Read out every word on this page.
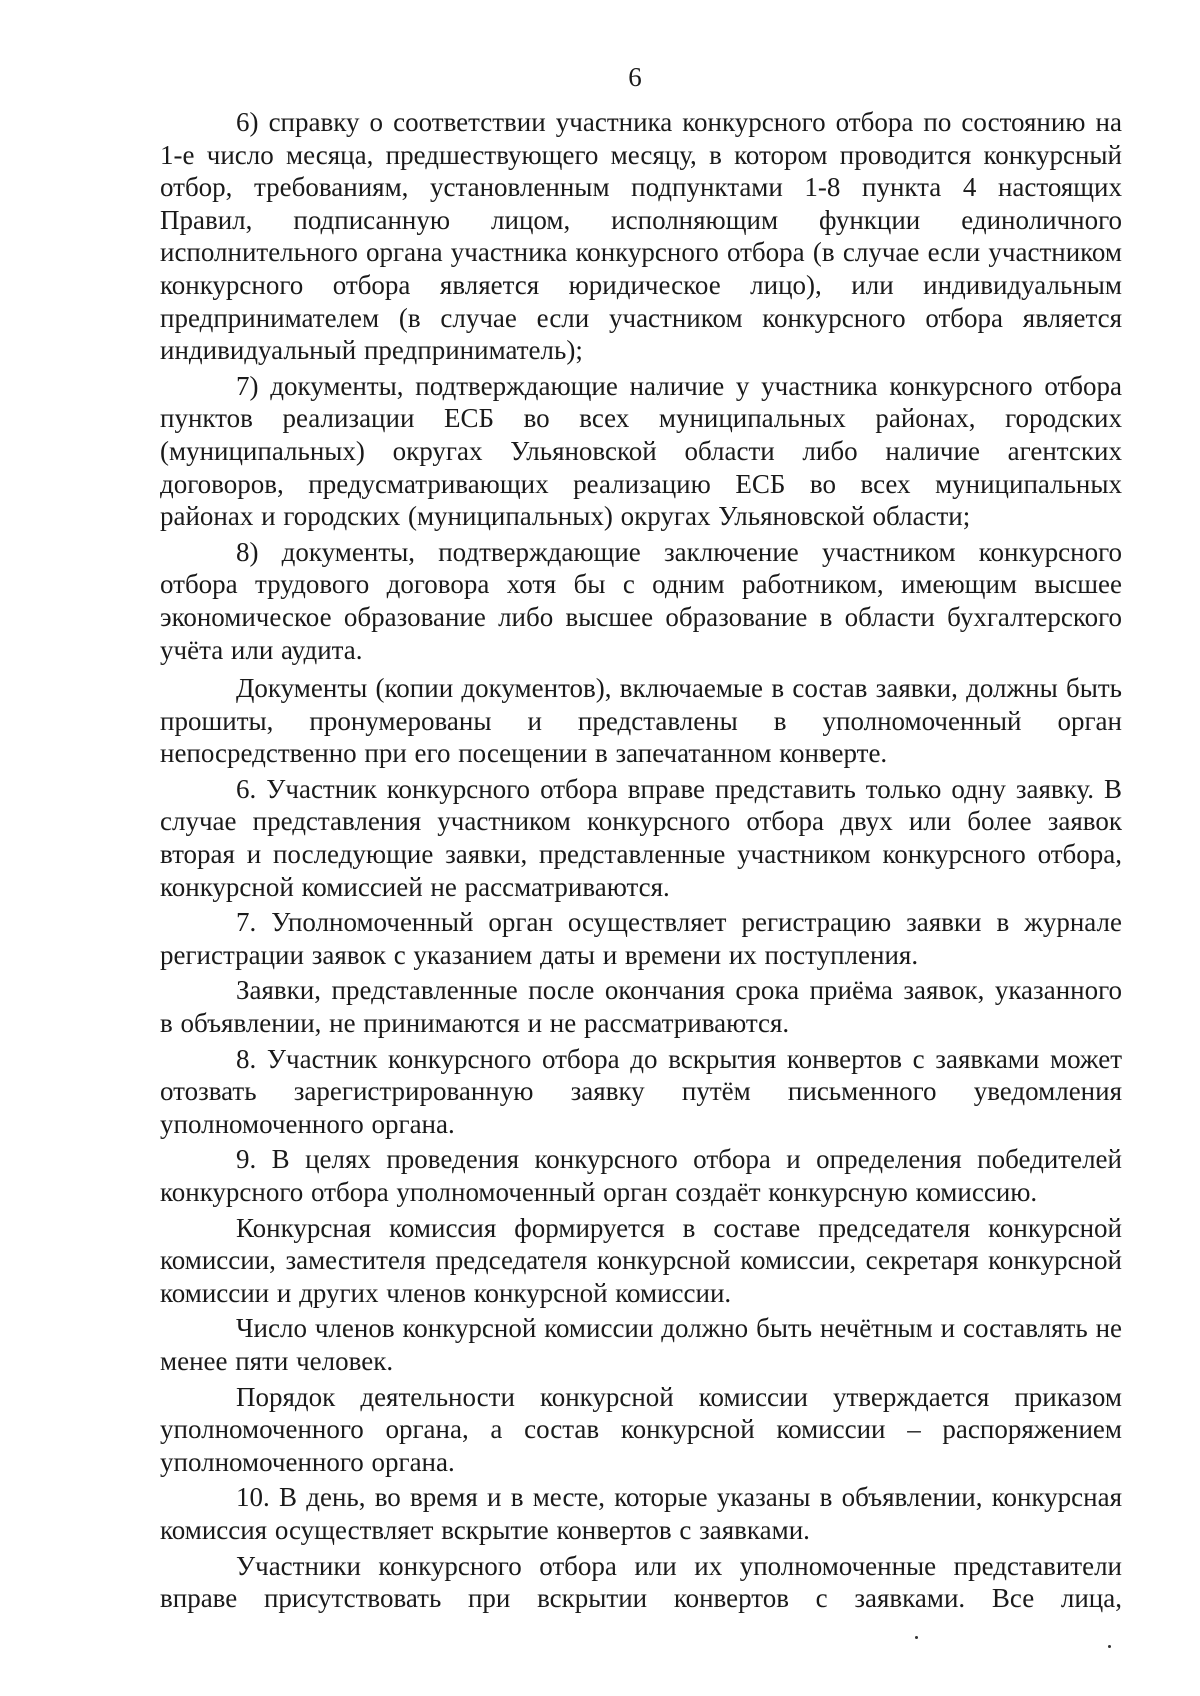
6

6) справку о соответствии участника конкурсного отбора по состоянию на 1-е число месяца, предшествующего месяцу, в котором проводится конкурсный отбор, требованиям, установленным подпунктами 1-8 пункта 4 настоящих Правил, подписанную лицом, исполняющим функции единоличного исполнительного органа участника конкурсного отбора (в случае если участником конкурсного отбора является юридическое лицо), или индивидуальным предпринимателем (в случае если участником конкурсного отбора является индивидуальный предприниматель);

7) документы, подтверждающие наличие у участника конкурсного отбора пунктов реализации ЕСБ во всех муниципальных районах, городских (муниципальных) округах Ульяновской области либо наличие агентских договоров, предусматривающих реализацию ЕСБ во всех муниципальных районах и городских (муниципальных) округах Ульяновской области;

8) документы, подтверждающие заключение участником конкурсного отбора трудового договора хотя бы с одним работником, имеющим высшее экономическое образование либо высшее образование в области бухгалтерского учёта или аудита.

Документы (копии документов), включаемые в состав заявки, должны быть прошиты, пронумерованы и представлены в уполномоченный орган непосредственно при его посещении в запечатанном конверте.

6. Участник конкурсного отбора вправе представить только одну заявку. В случае представления участником конкурсного отбора двух или более заявок вторая и последующие заявки, представленные участником конкурсного отбора, конкурсной комиссией не рассматриваются.

7. Уполномоченный орган осуществляет регистрацию заявки в журнале регистрации заявок с указанием даты и времени их поступления.

Заявки, представленные после окончания срока приёма заявок, указанного в объявлении, не принимаются и не рассматриваются.

8. Участник конкурсного отбора до вскрытия конвертов с заявками может отозвать зарегистрированную заявку путём письменного уведомления уполномоченного органа.

9. В целях проведения конкурсного отбора и определения победителей конкурсного отбора уполномоченный орган создаёт конкурсную комиссию.

Конкурсная комиссия формируется в составе председателя конкурсной комиссии, заместителя председателя конкурсной комиссии, секретаря конкурсной комиссии и других членов конкурсной комиссии.

Число членов конкурсной комиссии должно быть нечётным и составлять не менее пяти человек.

Порядок деятельности конкурсной комиссии утверждается приказом уполномоченного органа, а состав конкурсной комиссии – распоряжением уполномоченного органа.

10. В день, во время и в месте, которые указаны в объявлении, конкурсная комиссия осуществляет вскрытие конвертов с заявками.

Участники конкурсного отбора или их уполномоченные представители вправе присутствовать при вскрытии конвертов с заявками. Все лица,
